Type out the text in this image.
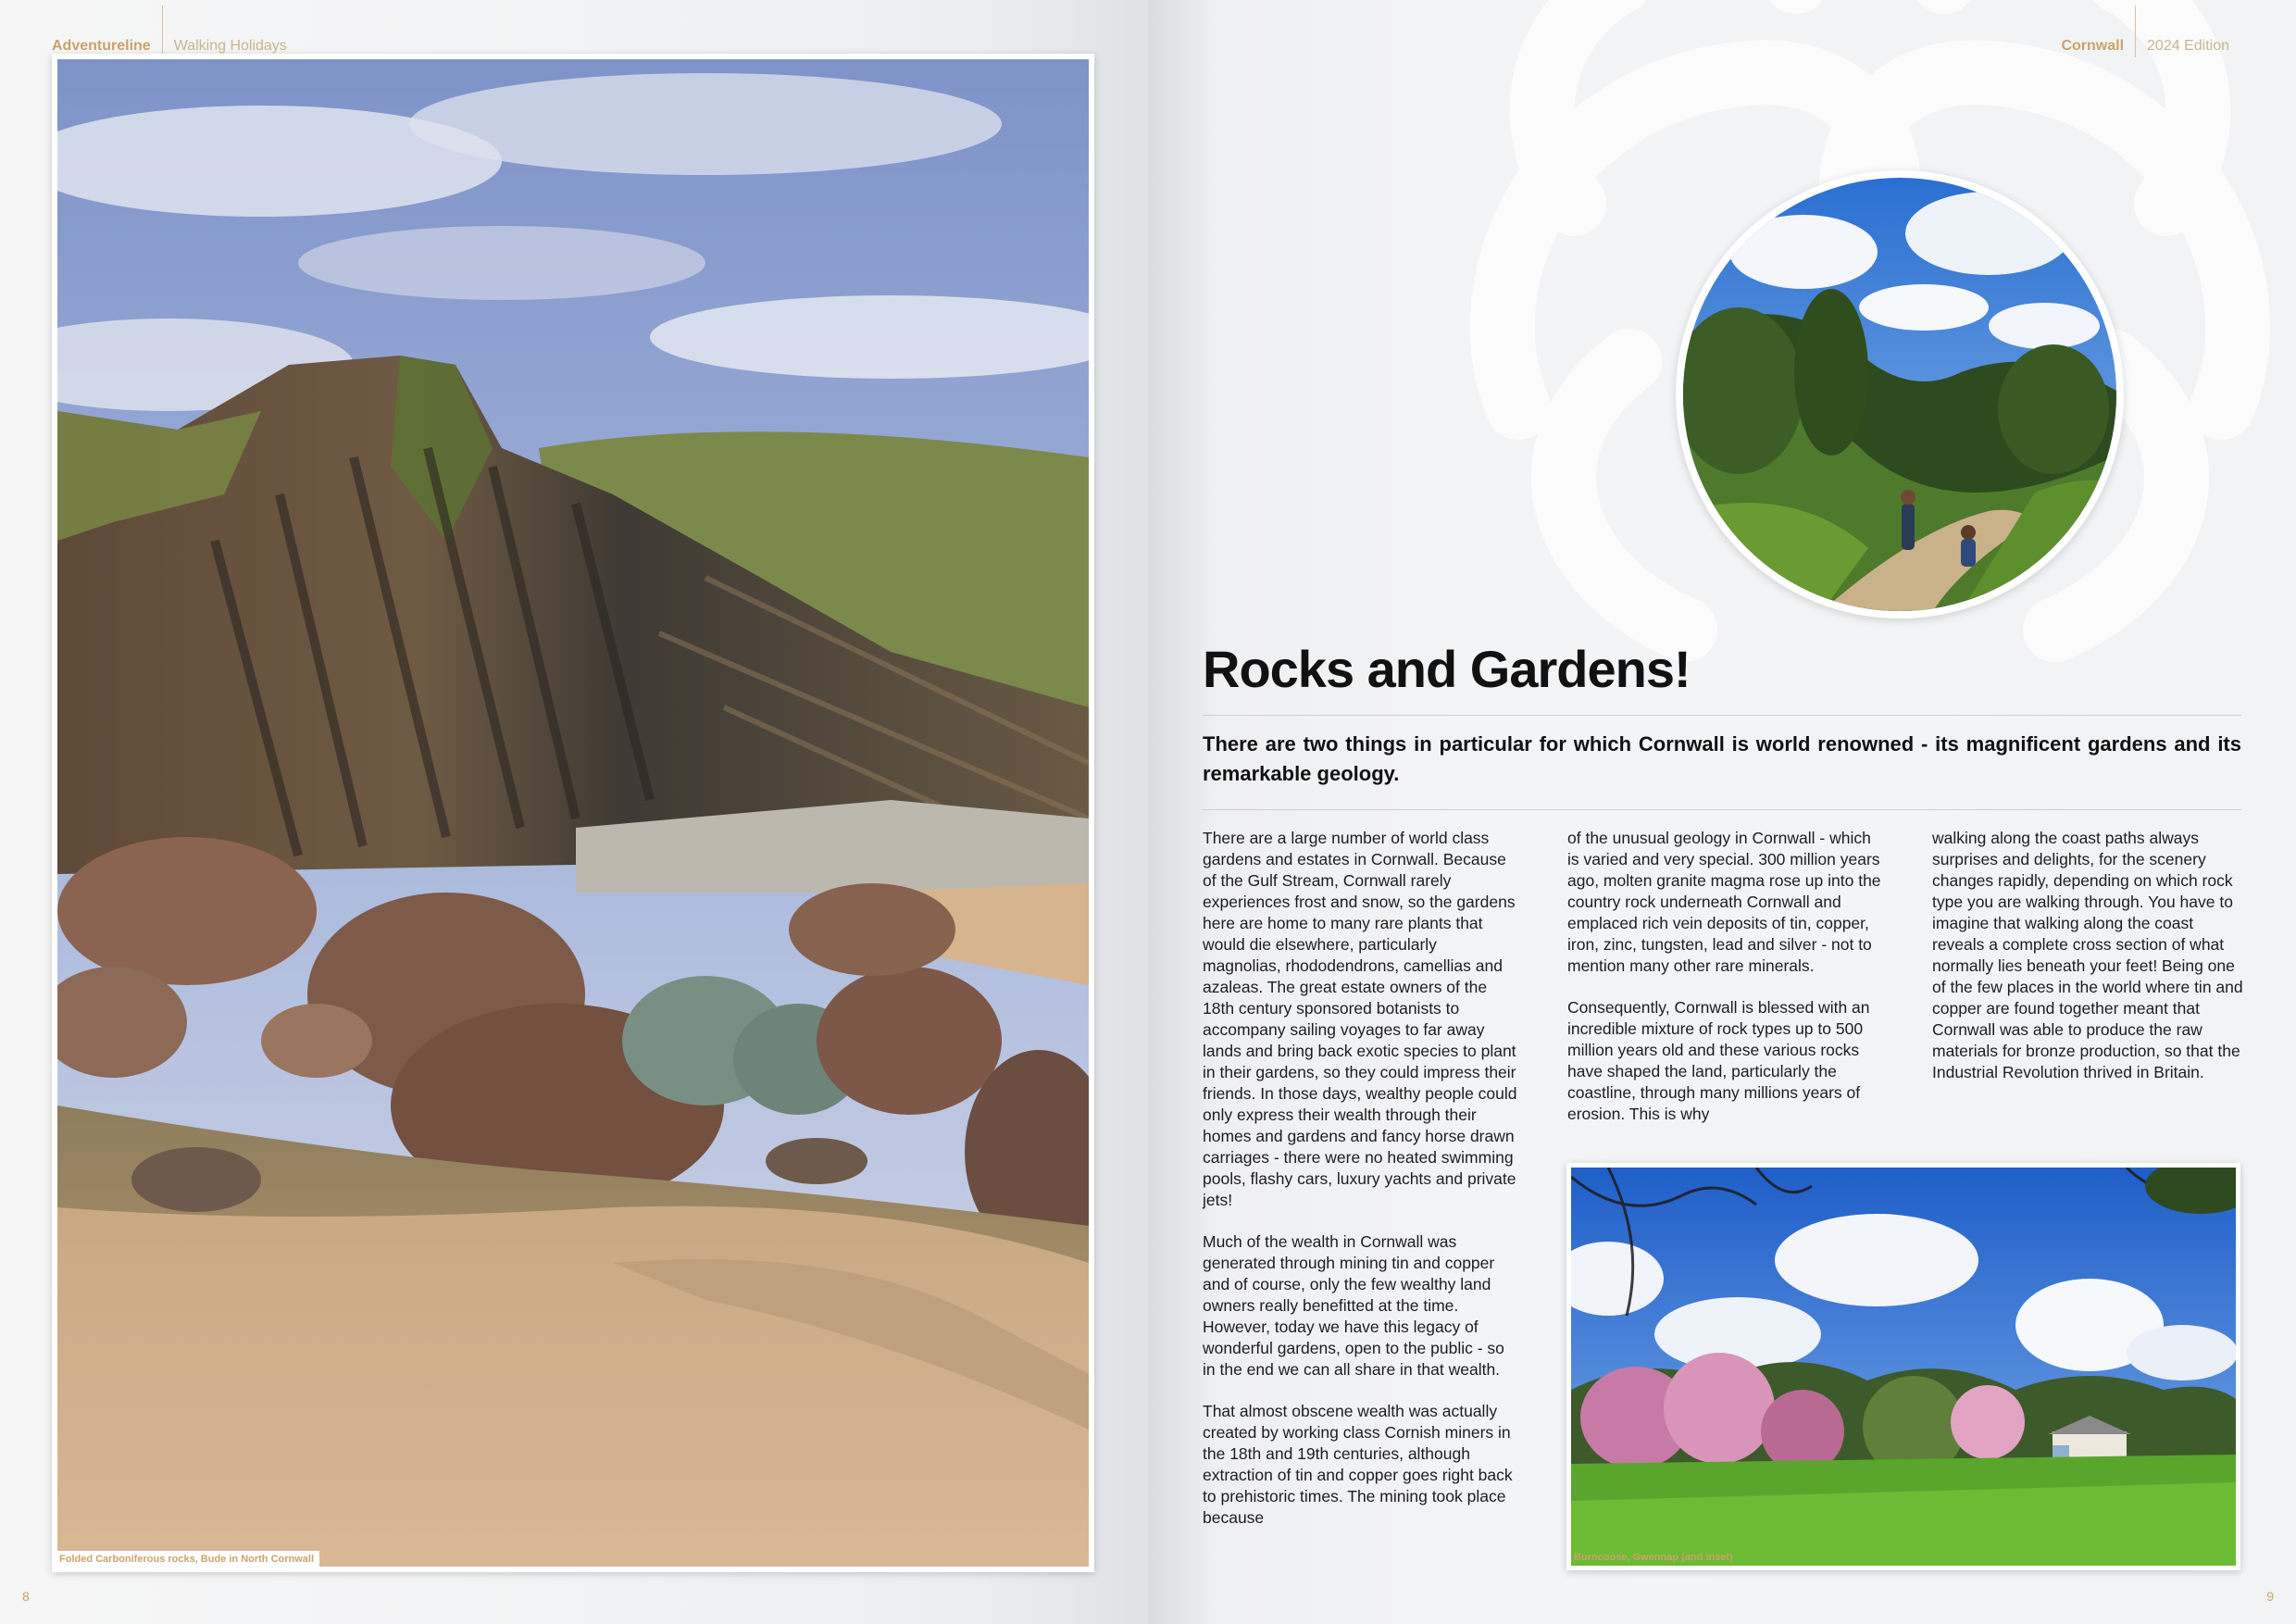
Adventureline Walking Holidays
Folded Carboniferous rocks, Bude in North Cornwall
8
Cornwall 2024 Edition
Rocks and Gardens!

There are two things in particular for which Cornwall is world renowned - its magnificent gardens and its remarkable geology.

There are a large number of world class gardens and estates in Cornwall. Because of the Gulf Stream, Cornwall rarely experiences frost and snow, so the gardens here are home to many rare plants that would die elsewhere, particularly magnolias, rhododendrons, camellias and azaleas. The great estate owners of the 18th century sponsored botanists to accompany sailing voyages to far away lands and bring back exotic species to plant in their gardens, so they could impress their friends. In those days, wealthy people could only express their wealth through their homes and gardens and fancy horse drawn carriages - there were no heated swimming pools, flashy cars, luxury yachts and private jets!

Much of the wealth in Cornwall was generated through mining tin and copper and of course, only the few wealthy land owners really benefitted at the time. However, today we have this legacy of wonderful gardens, open to the public - so in the end we can all share in that wealth.

That almost obscene wealth was actually created by working class Cornish miners in the 18th and 19th centuries, although extraction of tin and copper goes right back to prehistoric times. The mining took place because

of the unusual geology in Cornwall - which is varied and very special. 300 million years ago, molten granite magma rose up into the country rock underneath Cornwall and emplaced rich vein deposits of tin, copper, iron, zinc, tungsten, lead and silver - not to mention many other rare minerals.

Consequently, Cornwall is blessed with an incredible mixture of rock types up to 500 million years old and these various rocks have shaped the land, particularly the coastline, through many millions years of erosion. This is why

walking along the coast paths always surprises and delights, for the scenery changes rapidly, depending on which rock type you are walking through. You have to imagine that walking along the coast reveals a complete cross section of what normally lies beneath your feet! Being one of the few places in the world where tin and copper are found together meant that Cornwall was able to produce the raw materials for bronze production, so that the Industrial Revolution thrived in Britain.

Burncoose, Gwennap (and inset)
9
